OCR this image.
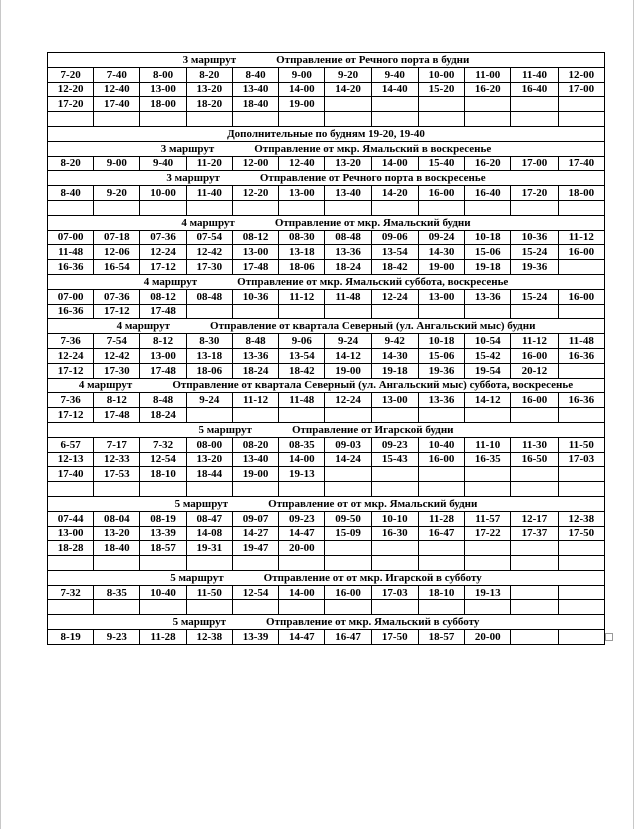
3 маршрут Отправление от Речного порта в будни											
7-20	7-40	8-00	8-20	8-40	9-00	9-20	9-40	10-00	11-00	11-40	12-00
12-20	12-40	13-00	13-20	13-40	14-00	14-20	14-40	15-20	16-20	16-40	17-00
17-20	17-40	18-00	18-20	18-40	19-00						

Дополнительные по будням 19-20, 19-40											
3 маршрут Отправление от мкр. Ямальский в воскресенье											
8-20	9-00	9-40	11-20	12-00	12-40	13-20	14-00	15-40	16-20	17-00	17-40
3 маршрут Отправление от Речного порта в воскресенье											
8-40	9-20	10-00	11-40	12-20	13-00	13-40	14-20	16-00	16-40	17-20	18-00

4 маршрут Отправление от мкр. Ямальский будни											
07-00	07-18	07-36	07-54	08-12	08-30	08-48	09-06	09-24	10-18	10-36	11-12
11-48	12-06	12-24	12-42	13-00	13-18	13-36	13-54	14-30	15-06	15-24	16-00
16-36	16-54	17-12	17-30	17-48	18-06	18-24	18-42	19-00	19-18	19-36	
4 маршрут Отправление от мкр. Ямальский суббота, воскресенье											
07-00	07-36	08-12	08-48	10-36	11-12	11-48	12-24	13-00	13-36	15-24	16-00
16-36	17-12	17-48									
4 маршрут Отправление от квартала Северный (ул. Ангальский мыс) будни											
7-36	7-54	8-12	8-30	8-48	9-06	9-24	9-42	10-18	10-54	11-12	11-48
12-24	12-42	13-00	13-18	13-36	13-54	14-12	14-30	15-06	15-42	16-00	16-36
17-12	17-30	17-48	18-06	18-24	18-42	19-00	19-18	19-36	19-54	20-12	
4 маршрут Отправление от квартала Северный (ул. Ангальский мыс) суббота, воскресенье											
7-36	8-12	8-48	9-24	11-12	11-48	12-24	13-00	13-36	14-12	16-00	16-36
17-12	17-48	18-24									
5 маршрут Отправление от Игарской будни											
6-57	7-17	7-32	08-00	08-20	08-35	09-03	09-23	10-40	11-10	11-30	11-50
12-13	12-33	12-54	13-20	13-40	14-00	14-24	15-43	16-00	16-35	16-50	17-03
17-40	17-53	18-10	18-44	19-00	19-13						

5 маршрут Отправление от от мкр. Ямальский будни											
07-44	08-04	08-19	08-47	09-07	09-23	09-50	10-10	11-28	11-57	12-17	12-38
13-00	13-20	13-39	14-08	14-27	14-47	15-09	16-30	16-47	17-22	17-37	17-50
18-28	18-40	18-57	19-31	19-47	20-00						

5 маршрут Отправление от от мкр. Игарской в субботу											
7-32	8-35	10-40	11-50	12-54	14-00	16-00	17-03	18-10	19-13		

5 маршрут Отправление от мкр. Ямальский в субботу											
8-19	9-23	11-28	12-38	13-39	14-47	16-47	17-50	18-57	20-00		
